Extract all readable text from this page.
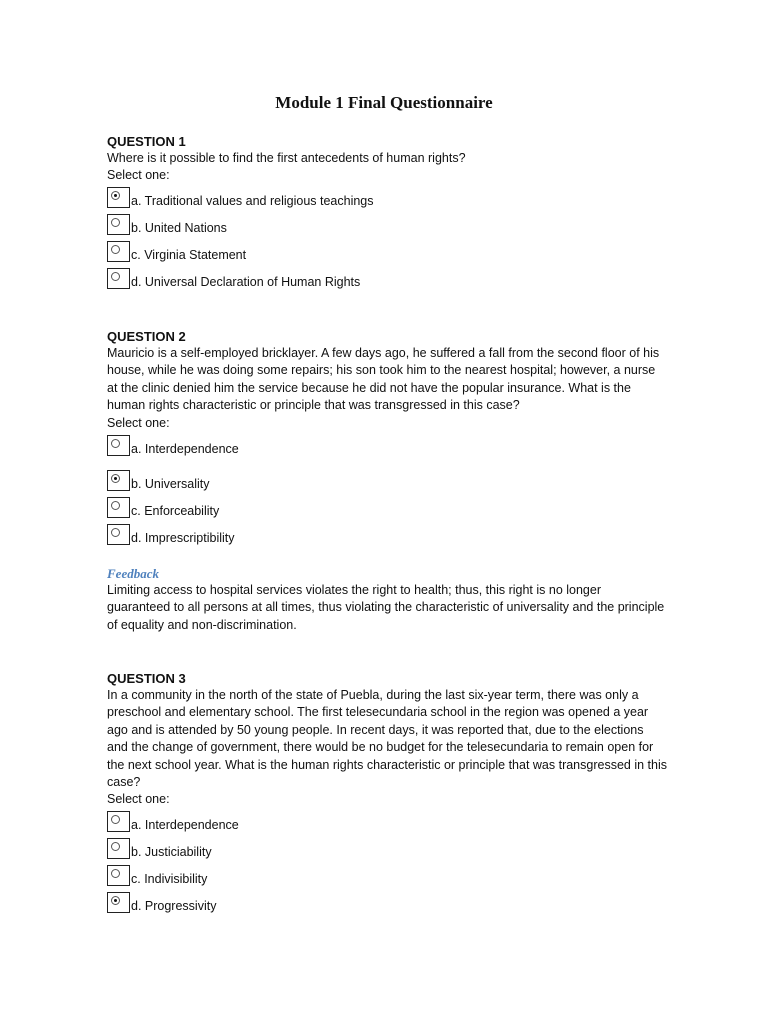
Module 1 Final Questionnaire

QUESTION 1

Where is it possible to find the first antecedents of human rights?

Select one:

a. Traditional values and religious teachings
b. United Nations
c. Virginia Statement
d. Universal Declaration of Human Rights

QUESTION 2

Mauricio is a self-employed bricklayer. A few days ago, he suffered a fall from the second floor of his house, while he was doing some repairs; his son took him to the nearest hospital; however, a nurse at the clinic denied him the service because he did not have the popular insurance. What is the human rights characteristic or principle that was transgressed in this case?

Select one:

a. Interdependence
b. Universality
c. Enforceability
d. Imprescriptibility

Feedback

Limiting access to hospital services violates the right to health; thus, this right is no longer guaranteed to all persons at all times, thus violating the characteristic of universality and the principle of equality and non-discrimination.

QUESTION 3

In a community in the north of the state of Puebla, during the last six-year term, there was only a preschool and elementary school. The first telesecundaria school in the region was opened a year ago and is attended by 50 young people. In recent days, it was reported that, due to the elections and the change of government, there would be no budget for the telesecundaria to remain open for the next school year. What is the human rights characteristic or principle that was transgressed in this case?

Select one:

a. Interdependence
b. Justiciability
c. Indivisibility
d. Progressivity
